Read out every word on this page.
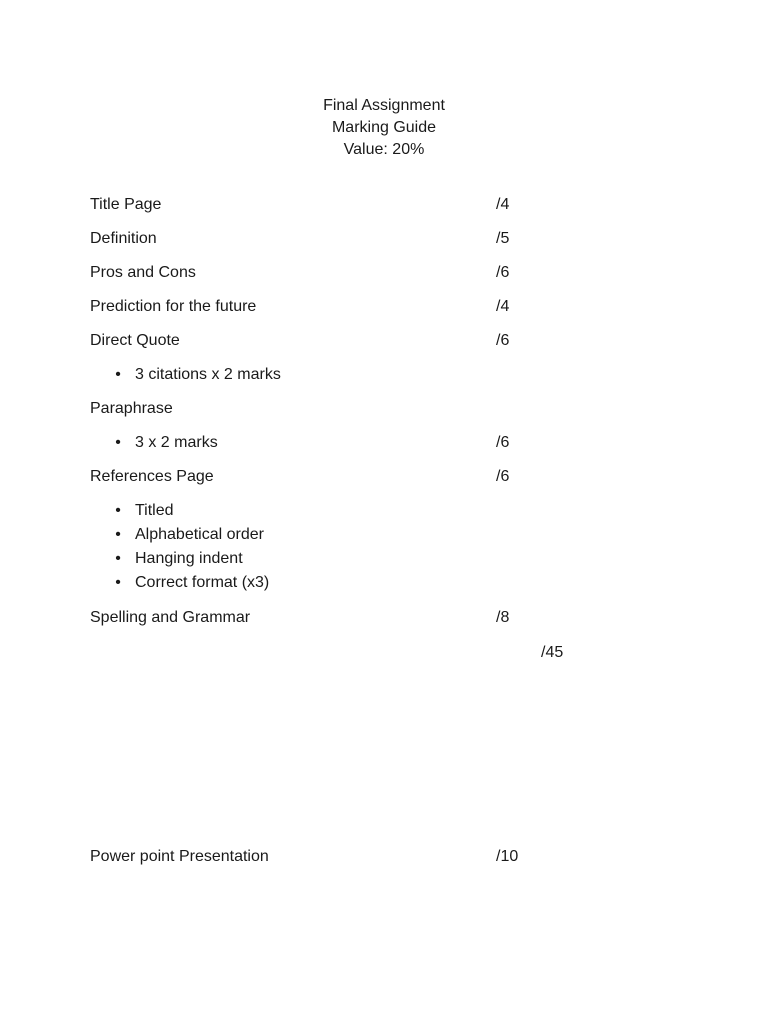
Final Assignment
Marking Guide
Value: 20%
Title Page	/4
Definition	/5
Pros and Cons	/6
Prediction for the future	/4
Direct Quote	/6
• 3 citations x 2 marks
Paraphrase
• 3 x 2 marks	/6
References Page	/6
• Titled
• Alphabetical order
• Hanging indent
• Correct format (x3)
Spelling and Grammar	/8
/45
Power point Presentation	/10
